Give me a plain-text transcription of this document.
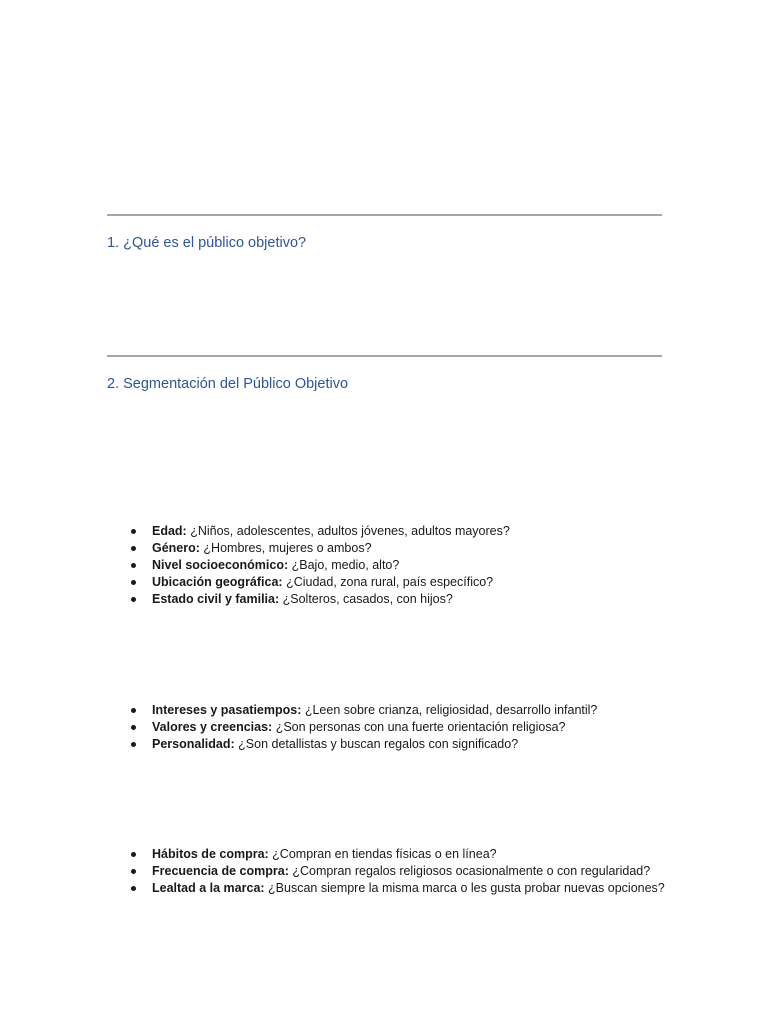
1. ¿Qué es el público objetivo?
2. Segmentación del Público Objetivo
Edad: ¿Niños, adolescentes, adultos jóvenes, adultos mayores?
Género: ¿Hombres, mujeres o ambos?
Nivel socioeconómico: ¿Bajo, medio, alto?
Ubicación geográfica: ¿Ciudad, zona rural, país específico?
Estado civil y familia: ¿Solteros, casados, con hijos?
Intereses y pasatiempos: ¿Leen sobre crianza, religiosidad, desarrollo infantil?
Valores y creencias: ¿Son personas con una fuerte orientación religiosa?
Personalidad: ¿Son detallistas y buscan regalos con significado?
Hábitos de compra: ¿Compran en tiendas físicas o en línea?
Frecuencia de compra: ¿Compran regalos religiosos ocasionalmente o con regularidad?
Lealtad a la marca: ¿Buscan siempre la misma marca o les gusta probar nuevas opciones?
